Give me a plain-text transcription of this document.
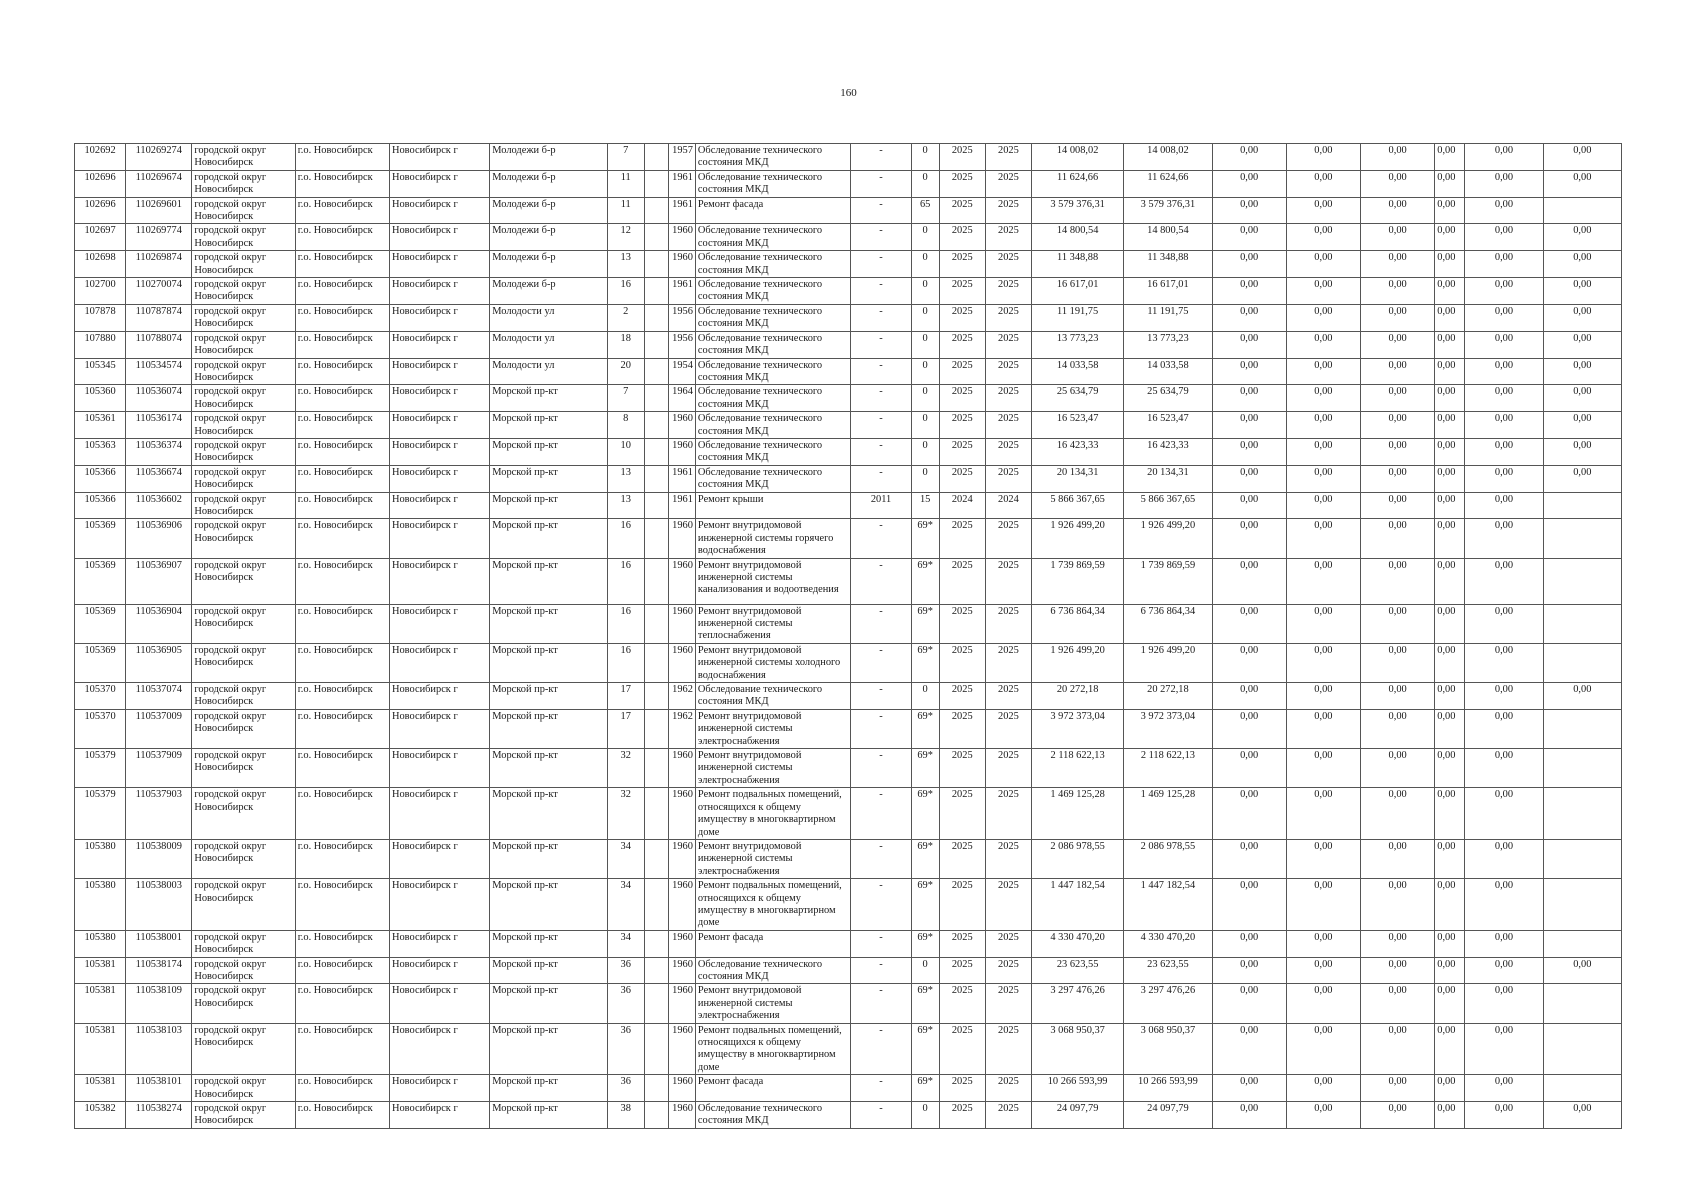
160
102692	110269274	городской округ Новосибирск	г.о. Новосибирск	Новосибирск г	Молодежи б-р	7		1957	Обследование технического состояния МКД	-	0	2025	2025	14 008,02	14 008,02	0,00	0,00	0,00	0,00	0,00	0,00
102696	110269674	городской округ Новосибирск	г.о. Новосибирск	Новосибирск г	Молодежи б-р	11		1961	Обследование технического состояния МКД	-	0	2025	2025	11 624,66	11 624,66	0,00	0,00	0,00	0,00	0,00	0,00
102696	110269601	городской округ Новосибирск	г.о. Новосибирск	Новосибирск г	Молодежи б-р	11		1961	Ремонт фасада	-	65	2025	2025	3 579 376,31	3 579 376,31	0,00	0,00	0,00	0,00	0,00	
102697	110269774	городской округ Новосибирск	г.о. Новосибирск	Новосибирск г	Молодежи б-р	12		1960	Обследование технического состояния МКД	-	0	2025	2025	14 800,54	14 800,54	0,00	0,00	0,00	0,00	0,00	0,00
102698	110269874	городской округ Новосибирск	г.о. Новосибирск	Новосибирск г	Молодежи б-р	13		1960	Обследование технического состояния МКД	-	0	2025	2025	11 348,88	11 348,88	0,00	0,00	0,00	0,00	0,00	0,00
102700	110270074	городской округ Новосибирск	г.о. Новосибирск	Новосибирск г	Молодежи б-р	16		1961	Обследование технического состояния МКД	-	0	2025	2025	16 617,01	16 617,01	0,00	0,00	0,00	0,00	0,00	0,00
107878	110787874	городской округ Новосибирск	г.о. Новосибирск	Новосибирск г	Молодости ул	2		1956	Обследование технического состояния МКД	-	0	2025	2025	11 191,75	11 191,75	0,00	0,00	0,00	0,00	0,00	0,00
107880	110788074	городской округ Новосибирск	г.о. Новосибирск	Новосибирск г	Молодости ул	18		1956	Обследование технического состояния МКД	-	0	2025	2025	13 773,23	13 773,23	0,00	0,00	0,00	0,00	0,00	0,00
105345	110534574	городской округ Новосибирск	г.о. Новосибирск	Новосибирск г	Молодости ул	20		1954	Обследование технического состояния МКД	-	0	2025	2025	14 033,58	14 033,58	0,00	0,00	0,00	0,00	0,00	0,00
105360	110536074	городской округ Новосибирск	г.о. Новосибирск	Новосибирск г	Морской пр-кт	7		1964	Обследование технического состояния МКД	-	0	2025	2025	25 634,79	25 634,79	0,00	0,00	0,00	0,00	0,00	0,00
105361	110536174	городской округ Новосибирск	г.о. Новосибирск	Новосибирск г	Морской пр-кт	8		1960	Обследование технического состояния МКД	-	0	2025	2025	16 523,47	16 523,47	0,00	0,00	0,00	0,00	0,00	0,00
105363	110536374	городской округ Новосибирск	г.о. Новосибирск	Новосибирск г	Морской пр-кт	10		1960	Обследование технического состояния МКД	-	0	2025	2025	16 423,33	16 423,33	0,00	0,00	0,00	0,00	0,00	0,00
105366	110536674	городской округ Новосибирск	г.о. Новосибирск	Новосибирск г	Морской пр-кт	13		1961	Обследование технического состояния МКД	-	0	2025	2025	20 134,31	20 134,31	0,00	0,00	0,00	0,00	0,00	0,00
105366	110536602	городской округ Новосибирск	г.о. Новосибирск	Новосибирск г	Морской пр-кт	13		1961	Ремонт крыши	2011	15	2024	2024	5 866 367,65	5 866 367,65	0,00	0,00	0,00	0,00	0,00	
105369	110536906	городской округ Новосибирск	г.о. Новосибирск	Новосибирск г	Морской пр-кт	16		1960	Ремонт внутридомовой инженерной системы горячего водоснабжения	-	69*	2025	2025	1 926 499,20	1 926 499,20	0,00	0,00	0,00	0,00	0,00	
105369	110536907	городской округ Новосибирск	г.о. Новосибирск	Новосибирск г	Морской пр-кт	16		1960	Ремонт внутридомовой инженерной системы канализования и водоотведения	-	69*	2025	2025	1 739 869,59	1 739 869,59	0,00	0,00	0,00	0,00	0,00	
105369	110536904	городской округ Новосибирск	г.о. Новосибирск	Новосибирск г	Морской пр-кт	16		1960	Ремонт внутридомовой инженерной системы теплоснабжения	-	69*	2025	2025	6 736 864,34	6 736 864,34	0,00	0,00	0,00	0,00	0,00	
105369	110536905	городской округ Новосибирск	г.о. Новосибирск	Новосибирск г	Морской пр-кт	16		1960	Ремонт внутридомовой инженерной системы холодного водоснабжения	-	69*	2025	2025	1 926 499,20	1 926 499,20	0,00	0,00	0,00	0,00	0,00	
105370	110537074	городской округ Новосибирск	г.о. Новосибирск	Новосибирск г	Морской пр-кт	17		1962	Обследование технического состояния МКД	-	0	2025	2025	20 272,18	20 272,18	0,00	0,00	0,00	0,00	0,00	0,00
105370	110537009	городской округ Новосибирск	г.о. Новосибирск	Новосибирск г	Морской пр-кт	17		1962	Ремонт внутридомовой инженерной системы электроснабжения	-	69*	2025	2025	3 972 373,04	3 972 373,04	0,00	0,00	0,00	0,00	0,00	
105379	110537909	городской округ Новосибирск	г.о. Новосибирск	Новосибирск г	Морской пр-кт	32		1960	Ремонт внутридомовой инженерной системы электроснабжения	-	69*	2025	2025	2 118 622,13	2 118 622,13	0,00	0,00	0,00	0,00	0,00	
105379	110537903	городской округ Новосибирск	г.о. Новосибирск	Новосибирск г	Морской пр-кт	32		1960	Ремонт подвальных помещений, относящихся к общему имуществу в многоквартирном доме	-	69*	2025	2025	1 469 125,28	1 469 125,28	0,00	0,00	0,00	0,00	0,00	
105380	110538009	городской округ Новосибирск	г.о. Новосибирск	Новосибирск г	Морской пр-кт	34		1960	Ремонт внутридомовой инженерной системы электроснабжения	-	69*	2025	2025	2 086 978,55	2 086 978,55	0,00	0,00	0,00	0,00	0,00	
105380	110538003	городской округ Новосибирск	г.о. Новосибирск	Новосибирск г	Морской пр-кт	34		1960	Ремонт подвальных помещений, относящихся к общему имуществу в многоквартирном доме	-	69*	2025	2025	1 447 182,54	1 447 182,54	0,00	0,00	0,00	0,00	0,00	
105380	110538001	городской округ Новосибирск	г.о. Новосибирск	Новосибирск г	Морской пр-кт	34		1960	Ремонт фасада	-	69*	2025	2025	4 330 470,20	4 330 470,20	0,00	0,00	0,00	0,00	0,00	
105381	110538174	городской округ Новосибирск	г.о. Новосибирск	Новосибирск г	Морской пр-кт	36		1960	Обследование технического состояния МКД	-	0	2025	2025	23 623,55	23 623,55	0,00	0,00	0,00	0,00	0,00	0,00
105381	110538109	городской округ Новосибирск	г.о. Новосибирск	Новосибирск г	Морской пр-кт	36		1960	Ремонт внутридомовой инженерной системы электроснабжения	-	69*	2025	2025	3 297 476,26	3 297 476,26	0,00	0,00	0,00	0,00	0,00	
105381	110538103	городской округ Новосибирск	г.о. Новосибирск	Новосибирск г	Морской пр-кт	36		1960	Ремонт подвальных помещений, относящихся к общему имуществу в многоквартирном доме	-	69*	2025	2025	3 068 950,37	3 068 950,37	0,00	0,00	0,00	0,00	0,00	
105381	110538101	городской округ Новосибирск	г.о. Новосибирск	Новосибирск г	Морской пр-кт	36		1960	Ремонт фасада	-	69*	2025	2025	10 266 593,99	10 266 593,99	0,00	0,00	0,00	0,00	0,00	
105382	110538274	городской округ Новосибирск	г.о. Новосибирск	Новосибирск г	Морской пр-кт	38		1960	Обследование технического состояния МКД	-	0	2025	2025	24 097,79	24 097,79	0,00	0,00	0,00	0,00	0,00	0,00
